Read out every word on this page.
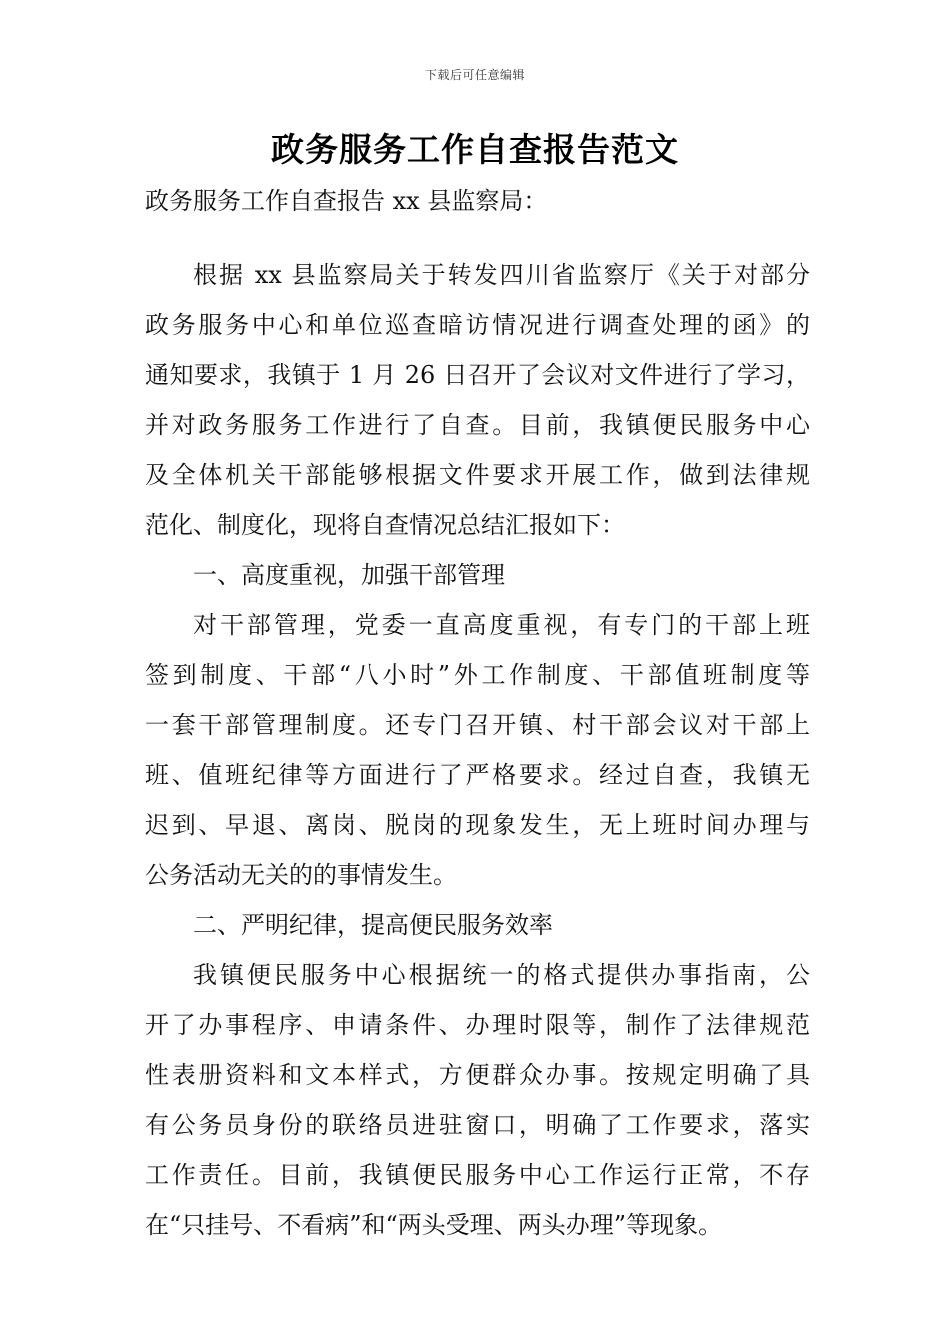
下载后可任意编辑
政务服务工作自查报告范文
政务服务工作自查报告 xx 县监察局：

根据 xx 县监察局关于转发四川省监察厅《关于对部分
政务服务中心和单位巡查暗访情况进行调查处理的函》的
通知要求，我镇于 1 月 26 日召开了会议对文件进行了学习，
并对政务服务工作进行了自查。目前，我镇便民服务中心
及全体机关干部能够根据文件要求开展工作，做到法律规
范化、制度化，现将自查情况总结汇报如下：

一、高度重视，加强干部管理

对干部管理，党委一直高度重视，有专门的干部上班
签到制度、干部“八小时”外工作制度、干部值班制度等
一套干部管理制度。还专门召开镇、村干部会议对干部上
班、值班纪律等方面进行了严格要求。经过自查，我镇无
迟到、早退、离岗、脱岗的现象发生，无上班时间办理与
公务活动无关的的事情发生。

二、严明纪律，提高便民服务效率

我镇便民服务中心根据统一的格式提供办事指南，公
开了办事程序、申请条件、办理时限等，制作了法律规范
性表册资料和文本样式，方便群众办事。按规定明确了具
有公务员身份的联络员进驻窗口，明确了工作要求，落实
工作责任。目前，我镇便民服务中心工作运行正常，不存
在“只挂号、不看病”和“两头受理、两头办理”等现象。
